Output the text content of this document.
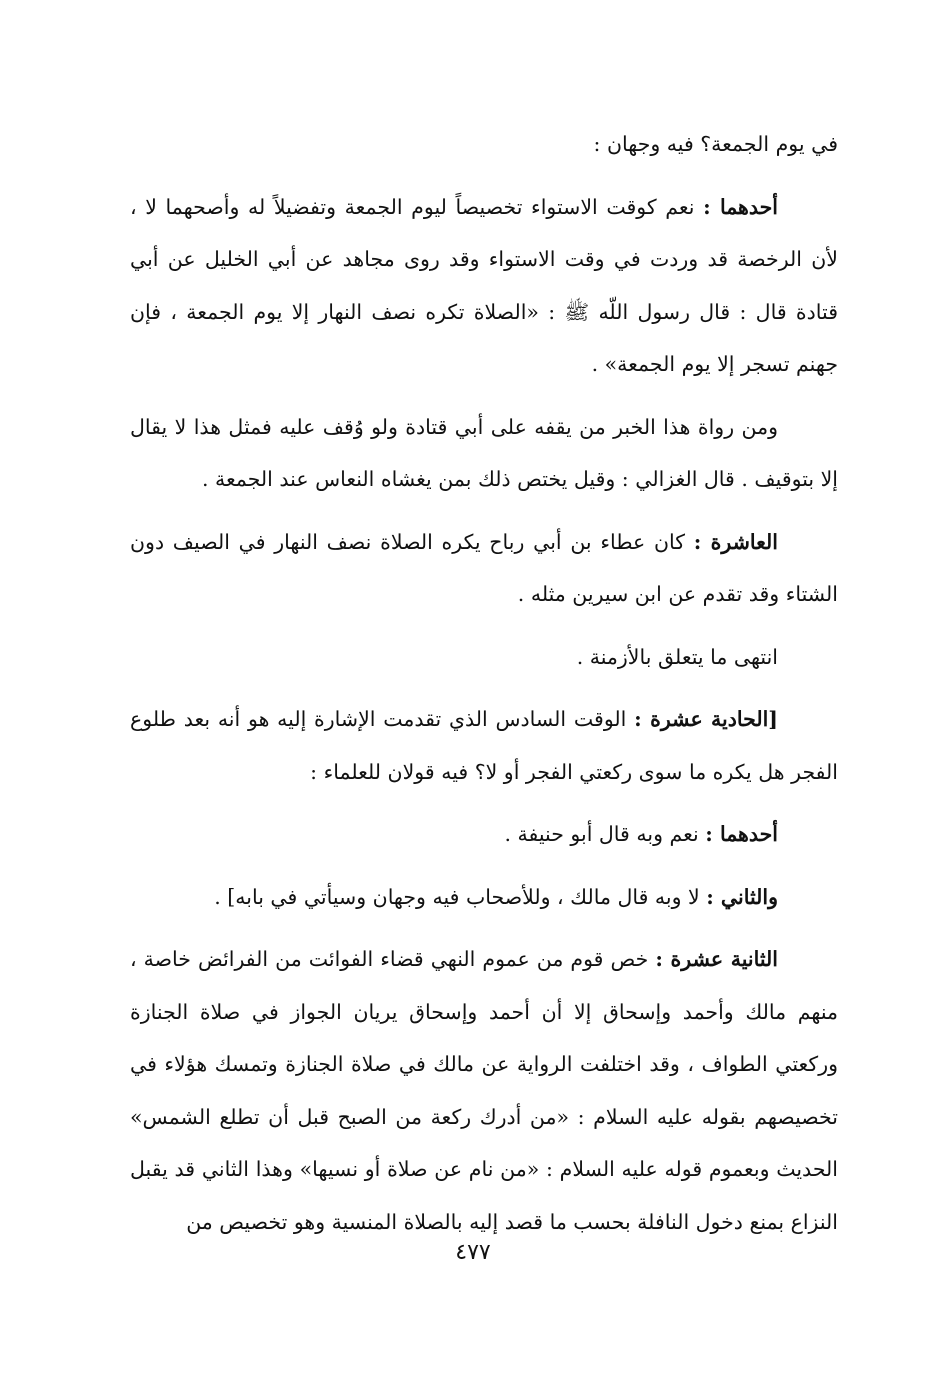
في يوم الجمعة؟ فيه وجهان :

أحدهما : نعم كوقت الاستواء تخصيصاً ليوم الجمعة وتفضيلاً له وأصحهما لا ، لأن الرخصة قد وردت في وقت الاستواء وقد روى مجاهد عن أبي الخليل عن أبي قتادة قال : قال رسول اللّه ﷺ : «الصلاة تكره نصف النهار إلا يوم الجمعة ، فإن جهنم تسجر إلا يوم الجمعة» .

ومن رواة هذا الخبر من يقفه على أبي قتادة ولو وُقف عليه فمثل هذا لا يقال إلا بتوقيف . قال الغزالي : وقيل يختص ذلك بمن يغشاه النعاس عند الجمعة .

العاشرة : كان عطاء بن أبي رباح يكره الصلاة نصف النهار في الصيف دون الشتاء وقد تقدم عن ابن سيرين مثله .

انتهى ما يتعلق بالأزمنة .

[الحادية عشرة : الوقت السادس الذي تقدمت الإشارة إليه هو أنه بعد طلوع الفجر هل يكره ما سوى ركعتي الفجر أو لا؟ فيه قولان للعلماء :

أحدهما : نعم وبه قال أبو حنيفة .

والثاني : لا وبه قال مالك ، وللأصحاب فيه وجهان وسيأتي في بابه] .

الثانية عشرة : خص قوم من عموم النهي قضاء الفوائت من الفرائض خاصة ، منهم مالك وأحمد وإسحاق إلا أن أحمد وإسحاق يريان الجواز في صلاة الجنازة وركعتي الطواف ، وقد اختلفت الرواية عن مالك في صلاة الجنازة وتمسك هؤلاء في تخصيصهم بقوله عليه السلام : «من أدرك ركعة من الصبح قبل أن تطلع الشمس» الحديث وبعموم قوله عليه السلام : «من نام عن صلاة أو نسيها» وهذا الثاني قد يقبل النزاع بمنع دخول النافلة بحسب ما قصد إليه بالصلاة المنسية وهو تخصيص من

٤٧٧
